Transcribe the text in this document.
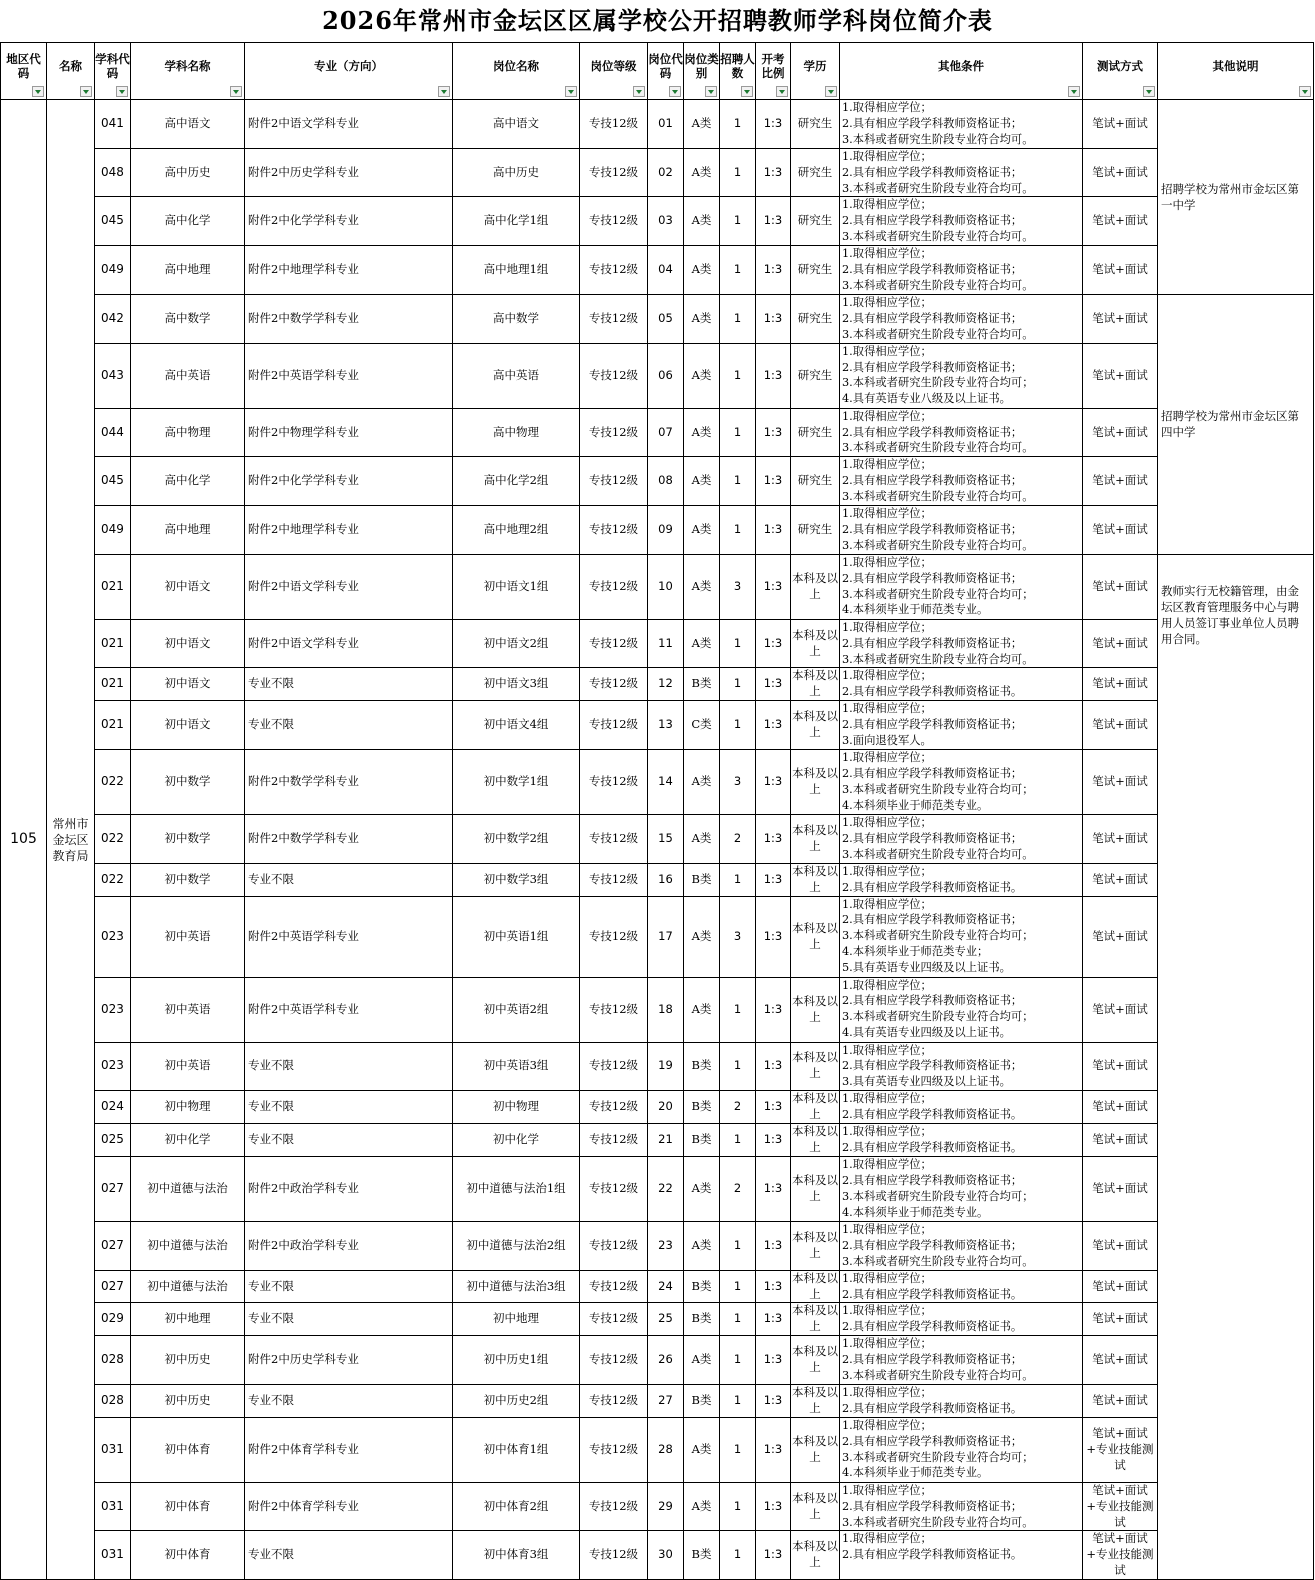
2026年常州市金坛区区属学校公开招聘教师学科岗位简介表
地区代码	名称	学科代码	学科名称	专业（方向）	岗位名称	岗位等级	岗位代码	岗位类别	招聘人数	开考比例	学历	其他条件	测试方式	其他说明

105	常州市金坛区教育局	041	高中语文	附件2中语文学科专业	高中语文	专技12级	01	A类	1	1:3	研究生	1.取得相应学位；
2.具有相应学段学科教师资格证书；
3.本科或者研究生阶段专业符合均可。	笔试+面试	招聘学校为常州市金坛区第一中学
		048	高中历史	附件2中历史学科专业	高中历史	专技12级	02	A类	1	1:3	研究生	1.取得相应学位；
2.具有相应学段学科教师资格证书；
3.本科或者研究生阶段专业符合均可。	笔试+面试	
		045	高中化学	附件2中化学学科专业	高中化学1组	专技12级	03	A类	1	1:3	研究生	1.取得相应学位；
2.具有相应学段学科教师资格证书；
3.本科或者研究生阶段专业符合均可。	笔试+面试	
		049	高中地理	附件2中地理学科专业	高中地理1组	专技12级	04	A类	1	1:3	研究生	1.取得相应学位；
2.具有相应学段学科教师资格证书；
3.本科或者研究生阶段专业符合均可。	笔试+面试	
		042	高中数学	附件2中数学学科专业	高中数学	专技12级	05	A类	1	1:3	研究生	1.取得相应学位；
2.具有相应学段学科教师资格证书；
3.本科或者研究生阶段专业符合均可。	笔试+面试	招聘学校为常州市金坛区第四中学
		043	高中英语	附件2中英语学科专业	高中英语	专技12级	06	A类	1	1:3	研究生	1.取得相应学位；
2.具有相应学段学科教师资格证书；
3.本科或者研究生阶段专业符合均可；
4.具有英语专业八级及以上证书。	笔试+面试	
		044	高中物理	附件2中物理学科专业	高中物理	专技12级	07	A类	1	1:3	研究生	1.取得相应学位；
2.具有相应学段学科教师资格证书；
3.本科或者研究生阶段专业符合均可。	笔试+面试	
		045	高中化学	附件2中化学学科专业	高中化学2组	专技12级	08	A类	1	1:3	研究生	1.取得相应学位；
2.具有相应学段学科教师资格证书；
3.本科或者研究生阶段专业符合均可。	笔试+面试	
		049	高中地理	附件2中地理学科专业	高中地理2组	专技12级	09	A类	1	1:3	研究生	1.取得相应学位；
2.具有相应学段学科教师资格证书；
3.本科或者研究生阶段专业符合均可。	笔试+面试	
		021	初中语文	附件2中语文学科专业	初中语文1组	专技12级	10	A类	3	1:3	本科及以上	1.取得相应学位；
2.具有相应学段学科教师资格证书；
3.本科或者研究生阶段专业符合均可；
4.本科须毕业于师范类专业。	笔试+面试	教师实行无校籍管理，由金坛区教育管理服务中心与聘用人员签订事业单位人员聘用合同。
		021	初中语文	附件2中语文学科专业	初中语文2组	专技12级	11	A类	1	1:3	本科及以上	1.取得相应学位；
2.具有相应学段学科教师资格证书；
3.本科或者研究生阶段专业符合均可。	笔试+面试	
		021	初中语文	专业不限	初中语文3组	专技12级	12	B类	1	1:3	本科及以上	1.取得相应学位；
2.具有相应学段学科教师资格证书。	笔试+面试	
		021	初中语文	专业不限	初中语文4组	专技12级	13	C类	1	1:3	本科及以上	1.取得相应学位；
2.具有相应学段学科教师资格证书；
3.面向退役军人。	笔试+面试	
		022	初中数学	附件2中数学学科专业	初中数学1组	专技12级	14	A类	3	1:3	本科及以上	1.取得相应学位；
2.具有相应学段学科教师资格证书；
3.本科或者研究生阶段专业符合均可；
4.本科须毕业于师范类专业。	笔试+面试	
		022	初中数学	附件2中数学学科专业	初中数学2组	专技12级	15	A类	2	1:3	本科及以上	1.取得相应学位；
2.具有相应学段学科教师资格证书；
3.本科或者研究生阶段专业符合均可。	笔试+面试	
		022	初中数学	专业不限	初中数学3组	专技12级	16	B类	1	1:3	本科及以上	1.取得相应学位；
2.具有相应学段学科教师资格证书。	笔试+面试	
		023	初中英语	附件2中英语学科专业	初中英语1组	专技12级	17	A类	3	1:3	本科及以上	1.取得相应学位；
2.具有相应学段学科教师资格证书；
3.本科或者研究生阶段专业符合均可；
4.本科须毕业于师范类专业；
5.具有英语专业四级及以上证书。	笔试+面试	
		023	初中英语	附件2中英语学科专业	初中英语2组	专技12级	18	A类	1	1:3	本科及以上	1.取得相应学位；
2.具有相应学段学科教师资格证书；
3.本科或者研究生阶段专业符合均可；
4.具有英语专业四级及以上证书。	笔试+面试	
		023	初中英语	专业不限	初中英语3组	专技12级	19	B类	1	1:3	本科及以上	1.取得相应学位；
2.具有相应学段学科教师资格证书；
3.具有英语专业四级及以上证书。	笔试+面试	
		024	初中物理	专业不限	初中物理	专技12级	20	B类	2	1:3	本科及以上	1.取得相应学位；
2.具有相应学段学科教师资格证书。	笔试+面试	
		025	初中化学	专业不限	初中化学	专技12级	21	B类	1	1:3	本科及以上	1.取得相应学位；
2.具有相应学段学科教师资格证书。	笔试+面试	
		027	初中道德与法治	附件2中政治学科专业	初中道德与法治1组	专技12级	22	A类	2	1:3	本科及以上	1.取得相应学位；
2.具有相应学段学科教师资格证书；
3.本科或者研究生阶段专业符合均可；
4.本科须毕业于师范类专业。	笔试+面试	
		027	初中道德与法治	附件2中政治学科专业	初中道德与法治2组	专技12级	23	A类	1	1:3	本科及以上	1.取得相应学位；
2.具有相应学段学科教师资格证书；
3.本科或者研究生阶段专业符合均可。	笔试+面试	
		027	初中道德与法治	专业不限	初中道德与法治3组	专技12级	24	B类	1	1:3	本科及以上	1.取得相应学位；
2.具有相应学段学科教师资格证书。	笔试+面试	
		029	初中地理	专业不限	初中地理	专技12级	25	B类	1	1:3	本科及以上	1.取得相应学位；
2.具有相应学段学科教师资格证书。	笔试+面试	
		028	初中历史	附件2中历史学科专业	初中历史1组	专技12级	26	A类	1	1:3	本科及以上	1.取得相应学位；
2.具有相应学段学科教师资格证书；
3.本科或者研究生阶段专业符合均可。	笔试+面试	
		028	初中历史	专业不限	初中历史2组	专技12级	27	B类	1	1:3	本科及以上	1.取得相应学位；
2.具有相应学段学科教师资格证书。	笔试+面试	
		031	初中体育	附件2中体育学科专业	初中体育1组	专技12级	28	A类	1	1:3	本科及以上	1.取得相应学位；
2.具有相应学段学科教师资格证书；
3.本科或者研究生阶段专业符合均可；
4.本科须毕业于师范类专业。	笔试+面试+专业技能测试	
		031	初中体育	附件2中体育学科专业	初中体育2组	专技12级	29	A类	1	1:3	本科及以上	1.取得相应学位；
2.具有相应学段学科教师资格证书；
3.本科或者研究生阶段专业符合均可。	笔试+面试+专业技能测试	
		031	初中体育	专业不限	初中体育3组	专技12级	30	B类	1	1:3	本科及以上	1.取得相应学位；
2.具有相应学段学科教师资格证书。	笔试+面试+专业技能测试	
